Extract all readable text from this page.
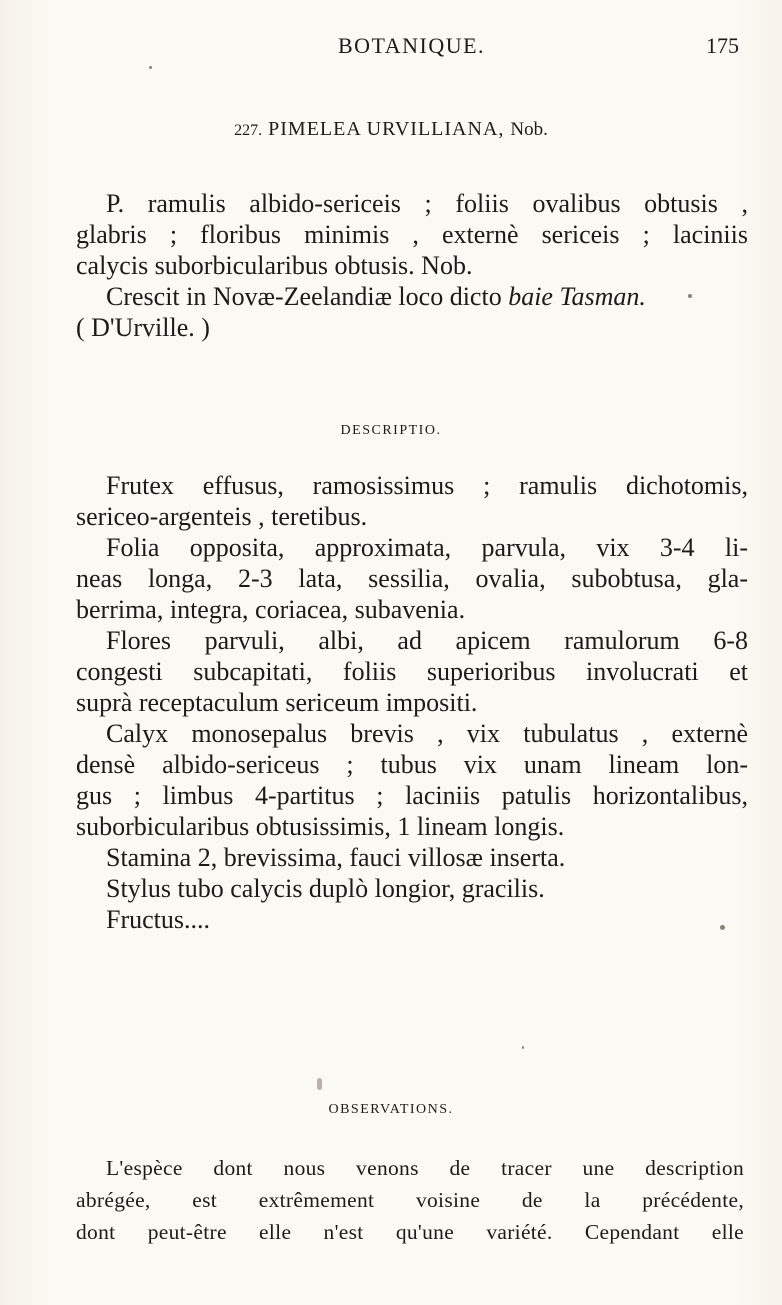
BOTANIQUE.	175
227. PIMELEA URVILLIANA, Nob.
P. ramulis albido-sericeis ; foliis ovalibus obtusis ,
glabris ; floribus minimis , externè sericeis ; laciniis
calycis suborbicularibus obtusis. Nob.
Crescit in Novæ-Zeelandiæ loco dicto baie Tasman.
( D'Urville. )
DESCRIPTIO.
Frutex effusus, ramosissimus ; ramulis dichotomis,
sericeo-argenteis , teretibus.
Folia opposita, approximata, parvula, vix 3-4 li-
neas longa, 2-3 lata, sessilia, ovalia, subobtusa, gla-
berrima, integra, coriacea, subavenia.
Flores parvuli, albi, ad apicem ramulorum 6-8
congesti subcapitati, foliis superioribus involucrati et
suprà receptaculum sericeum impositi.
Calyx monosepalus brevis , vix tubulatus , externè
densè albido-sericeus ; tubus vix unam lineam lon-
gus ; limbus 4-partitus ; laciniis patulis horizontalibus,
suborbicularibus obtusissimis, 1 lineam longis.
Stamina 2, brevissima, fauci villosæ inserta.
Stylus tubo calycis duplò longior, gracilis.
Fructus....
OBSERVATIONS.
L'espèce dont nous venons de tracer une description
abrégée, est extrêmement voisine de la précédente,
dont peut-être elle n'est qu'une variété. Cependant elle
